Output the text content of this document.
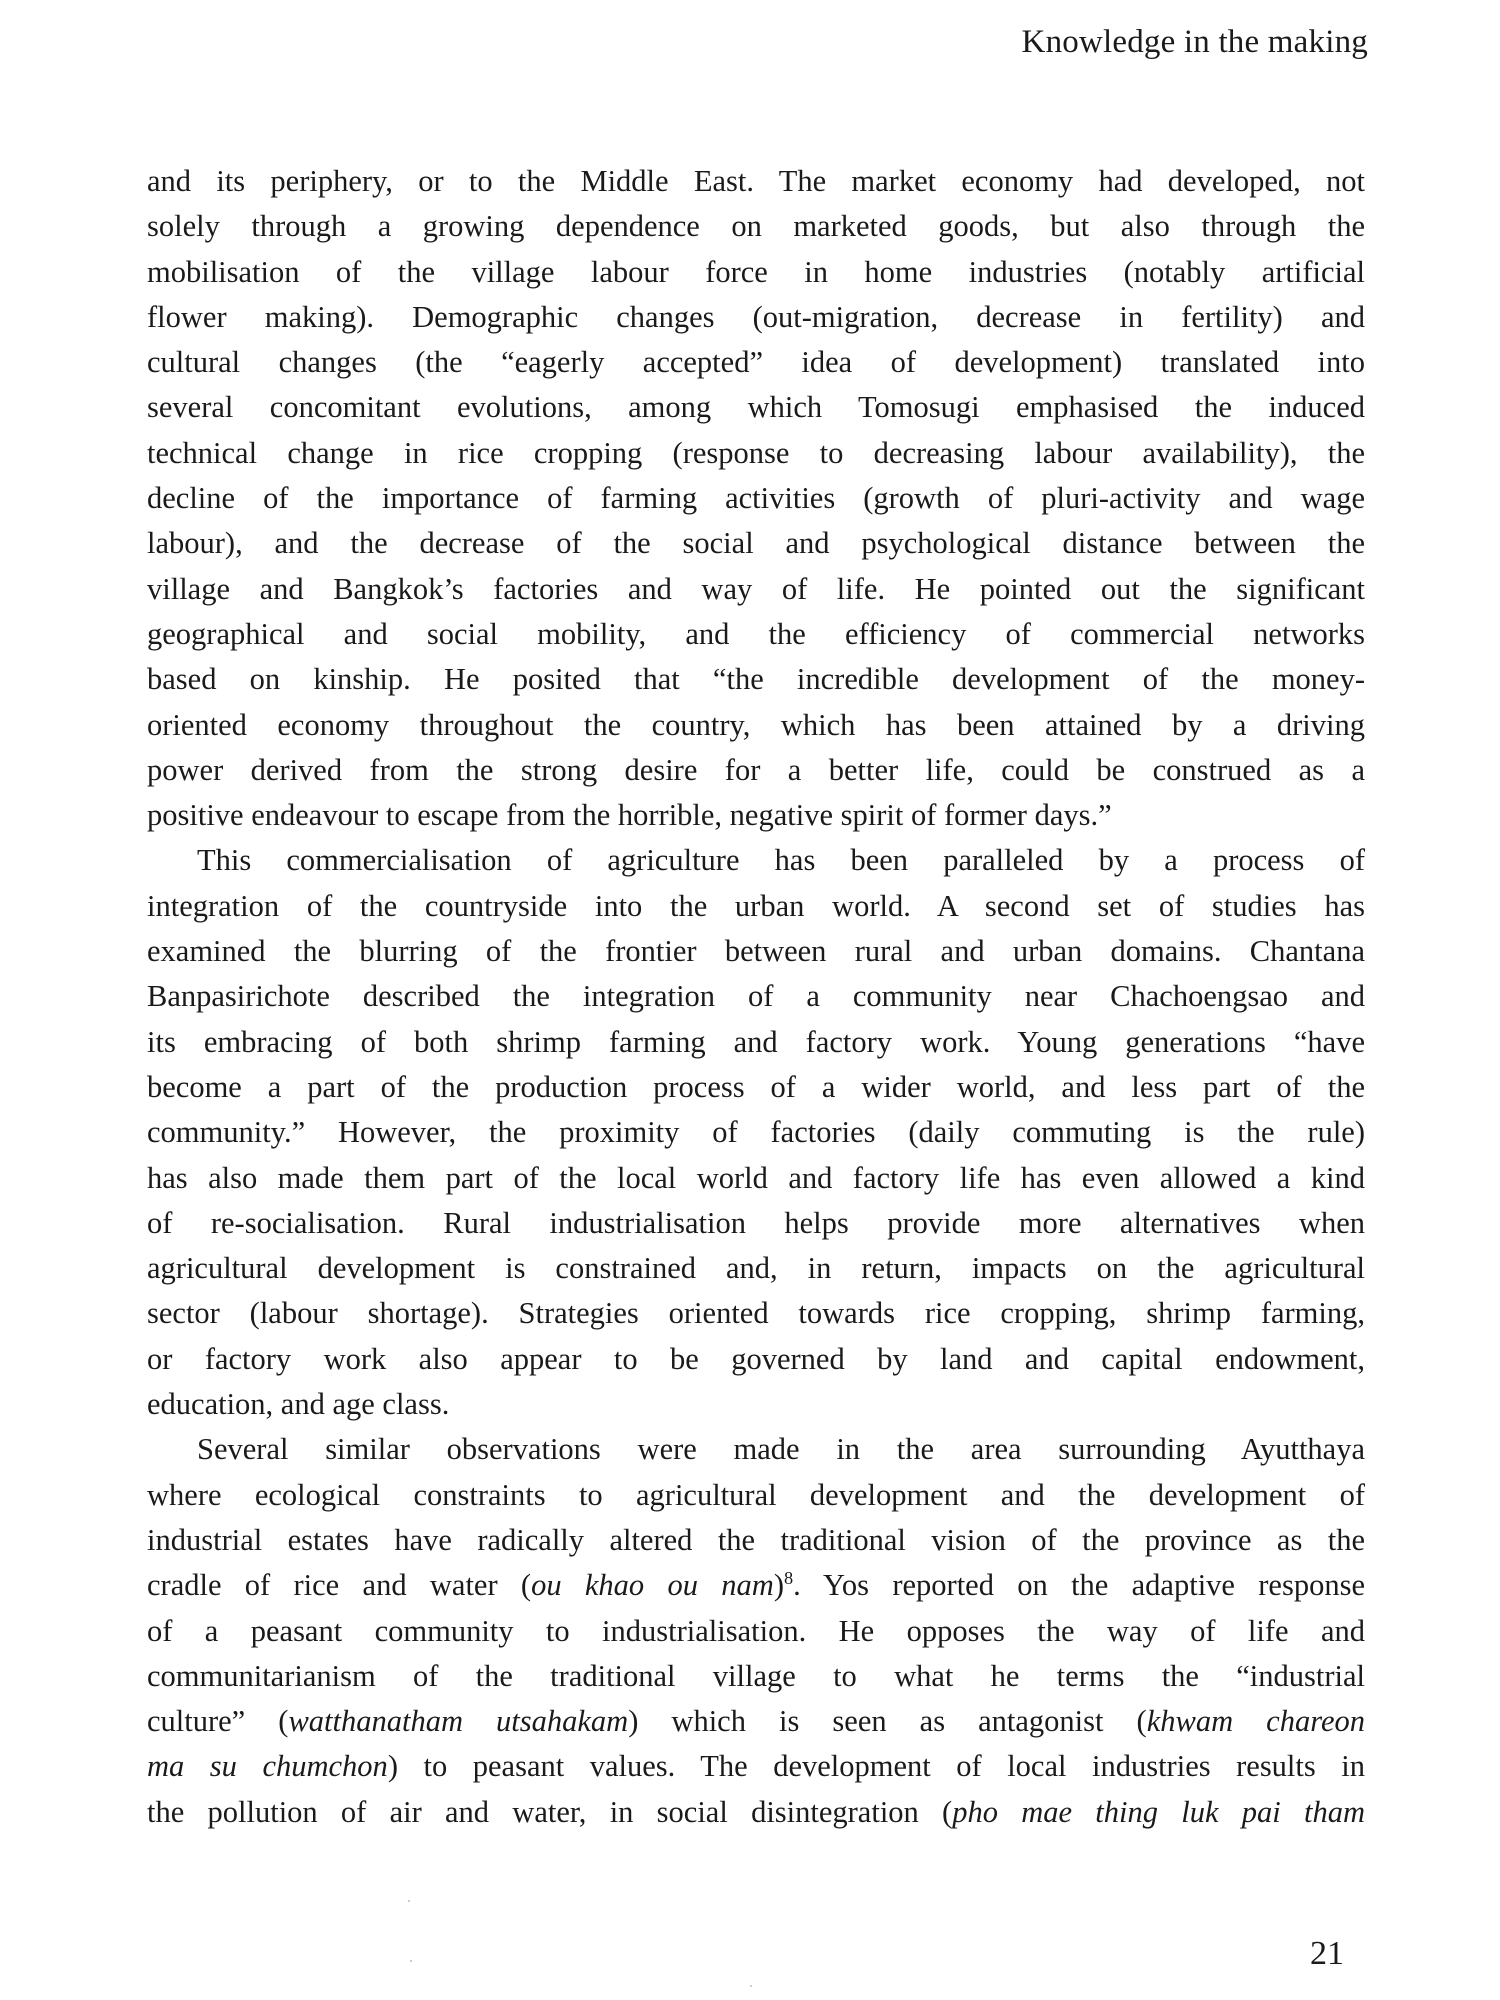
Knowledge in the making
and its periphery, or to the Middle East. The market economy had developed, not
solely through a growing dependence on marketed goods, but also through the
mobilisation of the village labour force in home industries (notably artificial
flower making). Demographic changes (out-migration, decrease in fertility) and
cultural changes (the “eagerly accepted” idea of development) translated into
several concomitant evolutions, among which Tomosugi emphasised the induced
technical change in rice cropping (response to decreasing labour availability), the
decline of the importance of farming activities (growth of pluri-activity and wage
labour), and the decrease of the social and psychological distance between the
village and Bangkok’s factories and way of life. He pointed out the significant
geographical and social mobility, and the efficiency of commercial networks
based on kinship. He posited that “the incredible development of the money-
oriented economy throughout the country, which has been attained by a driving
power derived from the strong desire for a better life, could be construed as a
positive endeavour to escape from the horrible, negative spirit of former days.”
This commercialisation of agriculture has been paralleled by a process of
integration of the countryside into the urban world. A second set of studies has
examined the blurring of the frontier between rural and urban domains. Chantana
Banpasirichote described the integration of a community near Chachoengsao and
its embracing of both shrimp farming and factory work. Young generations “have
become a part of the production process of a wider world, and less part of the
community.” However, the proximity of factories (daily commuting is the rule)
has also made them part of the local world and factory life has even allowed a kind
of re-socialisation. Rural industrialisation helps provide more alternatives when
agricultural development is constrained and, in return, impacts on the agricultural
sector (labour shortage). Strategies oriented towards rice cropping, shrimp farming,
or factory work also appear to be governed by land and capital endowment,
education, and age class.
Several similar observations were made in the area surrounding Ayutthaya
where ecological constraints to agricultural development and the development of
industrial estates have radically altered the traditional vision of the province as the
cradle of rice and water (ou khao ou nam)$^8$. Yos reported on the adaptive response
of a peasant community to industrialisation. He opposes the way of life and
communitarianism of the traditional village to what he terms the “industrial
culture” (watthanatham utsahakam) which is seen as antagonist (khwam chareon
ma su chumchon) to peasant values. The development of local industries results in
the pollution of air and water, in social disintegration (pho mae thing luk pai tham
21
